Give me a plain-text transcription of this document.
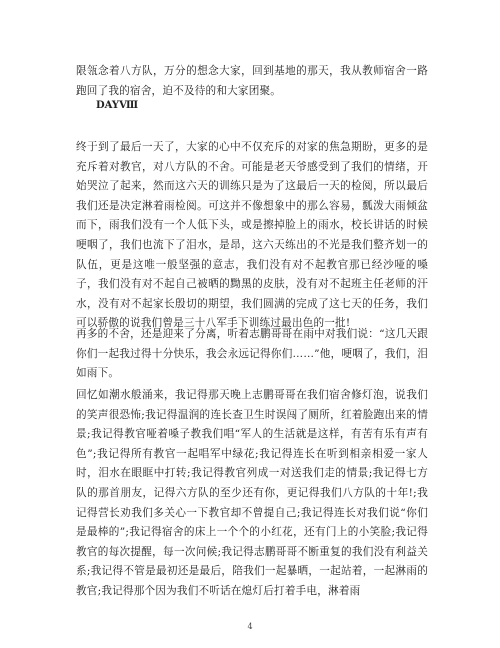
限瓴念着八方队，万分的想念大家，回到基地的那天，我从教师宿舍一路跑回了我的宿舍，迫不及待的和大家团聚。

DAYⅧ

终于到了最后一天了，大家的心中不仅充斥的对家的焦急期盼，更多的是充斥着对教官，对八方队的不舍。可能是老天爷感受到了我们的情绪，开始哭泣了起来，然而这六天的训练只是为了这最后一天的检阅，所以最后我们还是决定淋着雨检阅。可这并不像想象中的那么容易，瓢泼大雨倾盆而下，雨我们没有一个人低下头，或是擦掉脸上的雨水，校长讲话的时候哽咽了，我们也流下了泪水，是昂，这六天练出的不光是我们整齐划一的队伍，更是这唯一般坚强的意志，我们没有对不起教官那已经沙哑的嗓子，我们没有对不起自己被晒的黝黑的皮肤，没有对不起班主任老师的汗水，没有对不起家长殷切的期望，我们圆满的完成了这七天的任务，我们可以骄傲的说我们曾是三十八军手下训练过最出色的一批!

再多的不舍，还是迎来了分离，听着志鹏哥哥在雨中对我们说：“这几天跟你们一起我过得十分快乐，我会永远记得你们……”他，哽咽了，我们，泪如雨下。

回忆如潮水般涌来，我记得那天晚上志鹏哥哥在我们宿舍修灯泡，说我们的笑声很恐怖;我记得温润的连长查卫生时误闯了厕所，红着脸跑出来的情景;我记得教官哑着嗓子教我们唱“军人的生活就是这样，有苦有乐有声有色”;我记得所有教官一起唱军中绿花;我记得连长在听到相亲相爱一家人时，泪水在眼眶中打转;我记得教官列成一对送我们走的情景;我记得七方队的那首朋友，记得六方队的至少还有你，更记得我们八方队的十年!;我记得营长劝我们多关心一下教官却不曾提自己;我记得连长对我们说“你们是最棒的”;我记得宿舍的床上一个个的小红花，还有门上的小笑脸;我记得教官的每次提醒，每一次问候;我记得志鹏哥哥不断重复的我们没有利益关系;我记得不管是最初还是最后，陪我们一起暴晒，一起站着，一起淋雨的教官;我记得那个因为我们不听话在熄灯后打着手电，淋着雨

4
